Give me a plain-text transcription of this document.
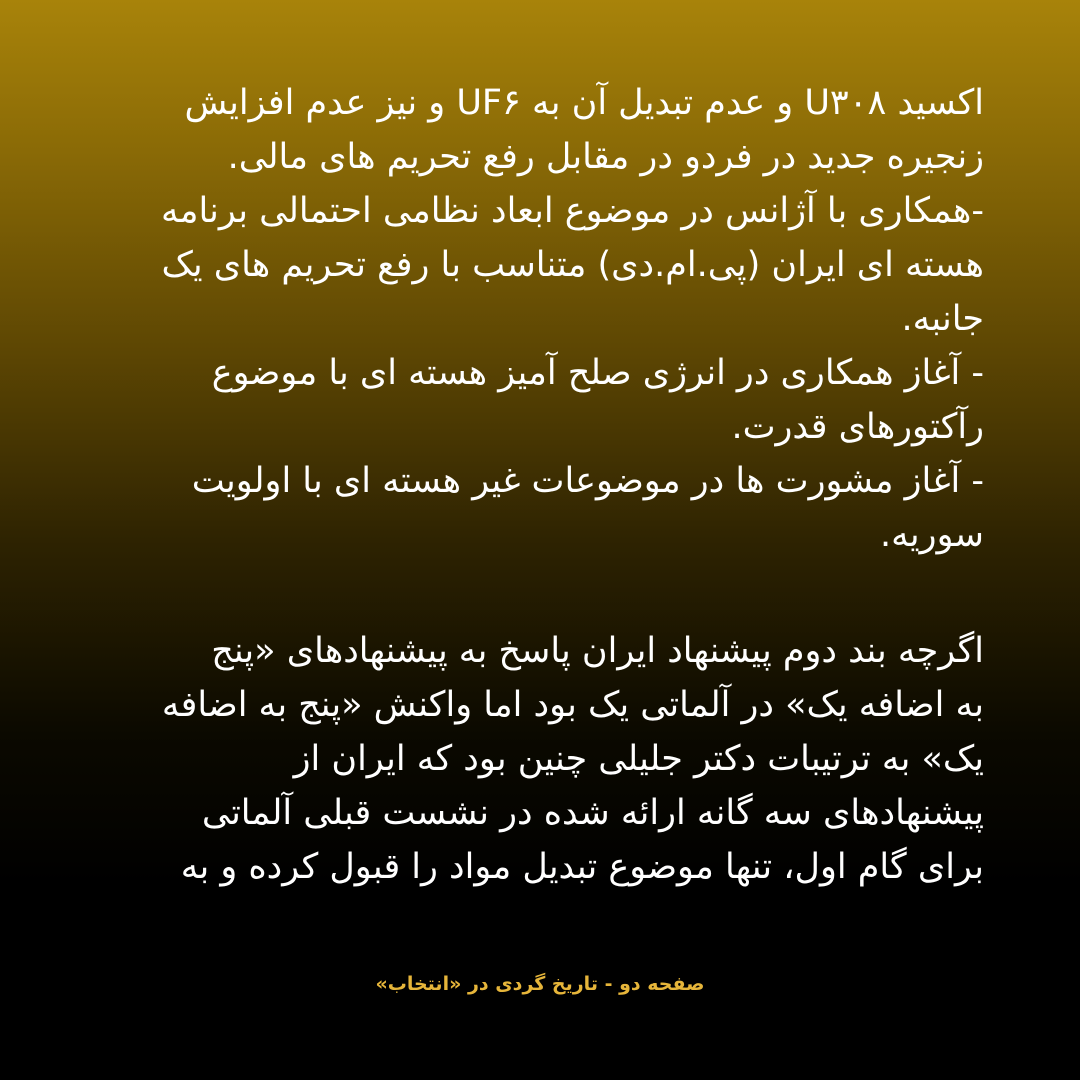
اکسید U۳۰۸ و عدم تبدیل آن به UF۶ و نیز عدم افزایش
زنجیره جدید در فردو در مقابل رفع تحریم های مالی.
-همکاری با آژانس در موضوع ابعاد نظامی احتمالی برنامه
هسته ای ایران (پی.ام.دی) متناسب با رفع تحریم های یک
جانبه.
- آغاز همکاری در انرژی صلح آمیز هسته ای با موضوع
رآکتورهای قدرت.
- آغاز مشورت ها در موضوعات غیر هسته ای با اولویت
سوریه.
اگرچه بند دوم پیشنهاد ایران پاسخ به پیشنهادهای «پنج
به اضافه یک» در آلماتی یک بود اما واکنش «پنج به اضافه
یک» به ترتیبات دکتر جلیلی چنین بود که ایران از
پیشنهادهای سه گانه ارائه شده در نشست قبلی آلماتی
برای گام اول، تنها موضوع تبدیل مواد را قبول کرده و به
صفحه دو - تاریخ گردی در «انتخاب»
